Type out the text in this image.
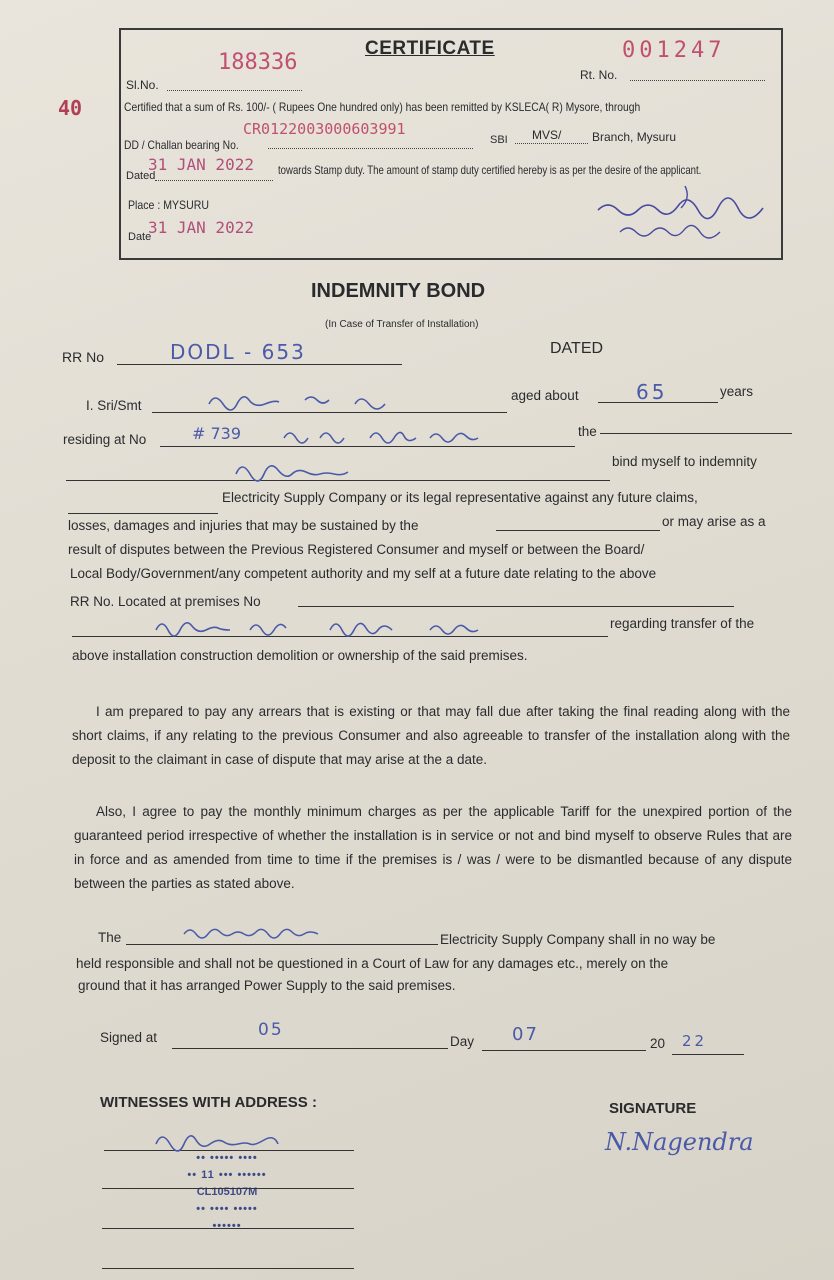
40
CERTIFICATE
Sl.No.
188336	001247
Rt. No.
Certified that a sum of Rs. 100/- ( Rupees One hundred only) has been remitted by KSLECA( R) Mysore, through
DD / Challan bearing No.
CR0122003000603991
SBI MVS/	Branch, Mysuru
Dated
31 JAN 2022 towards Stamp duty. The amount of stamp duty certified hereby is as per the desire of the applicant.
Place : MYSURU
Date
31 JAN 2022
INDEMNITY BOND
(In Case of Transfer of Installation)
RR No	DODL - 653	DATED
I. Sri/Smt
aged about	65	years
residing at No	# 739	the
bind myself to indemnity
Electricity Supply Company or its legal representative against any future claims,
losses, damages and injuries that may be sustained by the	or may arise as a
result of disputes between the Previous Registered Consumer and myself or between the Board/
Local Body/Government/any competent authority and my self at a future date relating to the above
RR No. Located at premises No
regarding transfer of the
above installation construction demolition or ownership of the said premises.
I am prepared to pay any arrears that is existing or that may fall due after taking the final reading along with the short claims, if any relating to the previous Consumer and also agreeable to transfer of the installation along with the deposit to the claimant in case of dispute that may arise at the a date.
Also, I agree to pay the monthly minimum charges as per the applicable Tariff for the unexpired portion of the guaranteed period irrespective of whether the installation is in service or not and bind myself to observe Rules that are in force and as amended from time to time if the premises is / was / were to be dismantled because of any dispute between the parties as stated above.
The	Electricity Supply Company shall in no way be
held responsible and shall not be questioned in a Court of Law for any damages etc., merely on the
ground that it has arranged Power Supply to the said premises.
Signed at	05
Day 07	20 22
WITNESSES WITH ADDRESS :	SIGNATURE
N.Nagendra
•• ••••• ••••
•• 11 ••• ••••••
CL105107M
•• •••• •••••
••••••
